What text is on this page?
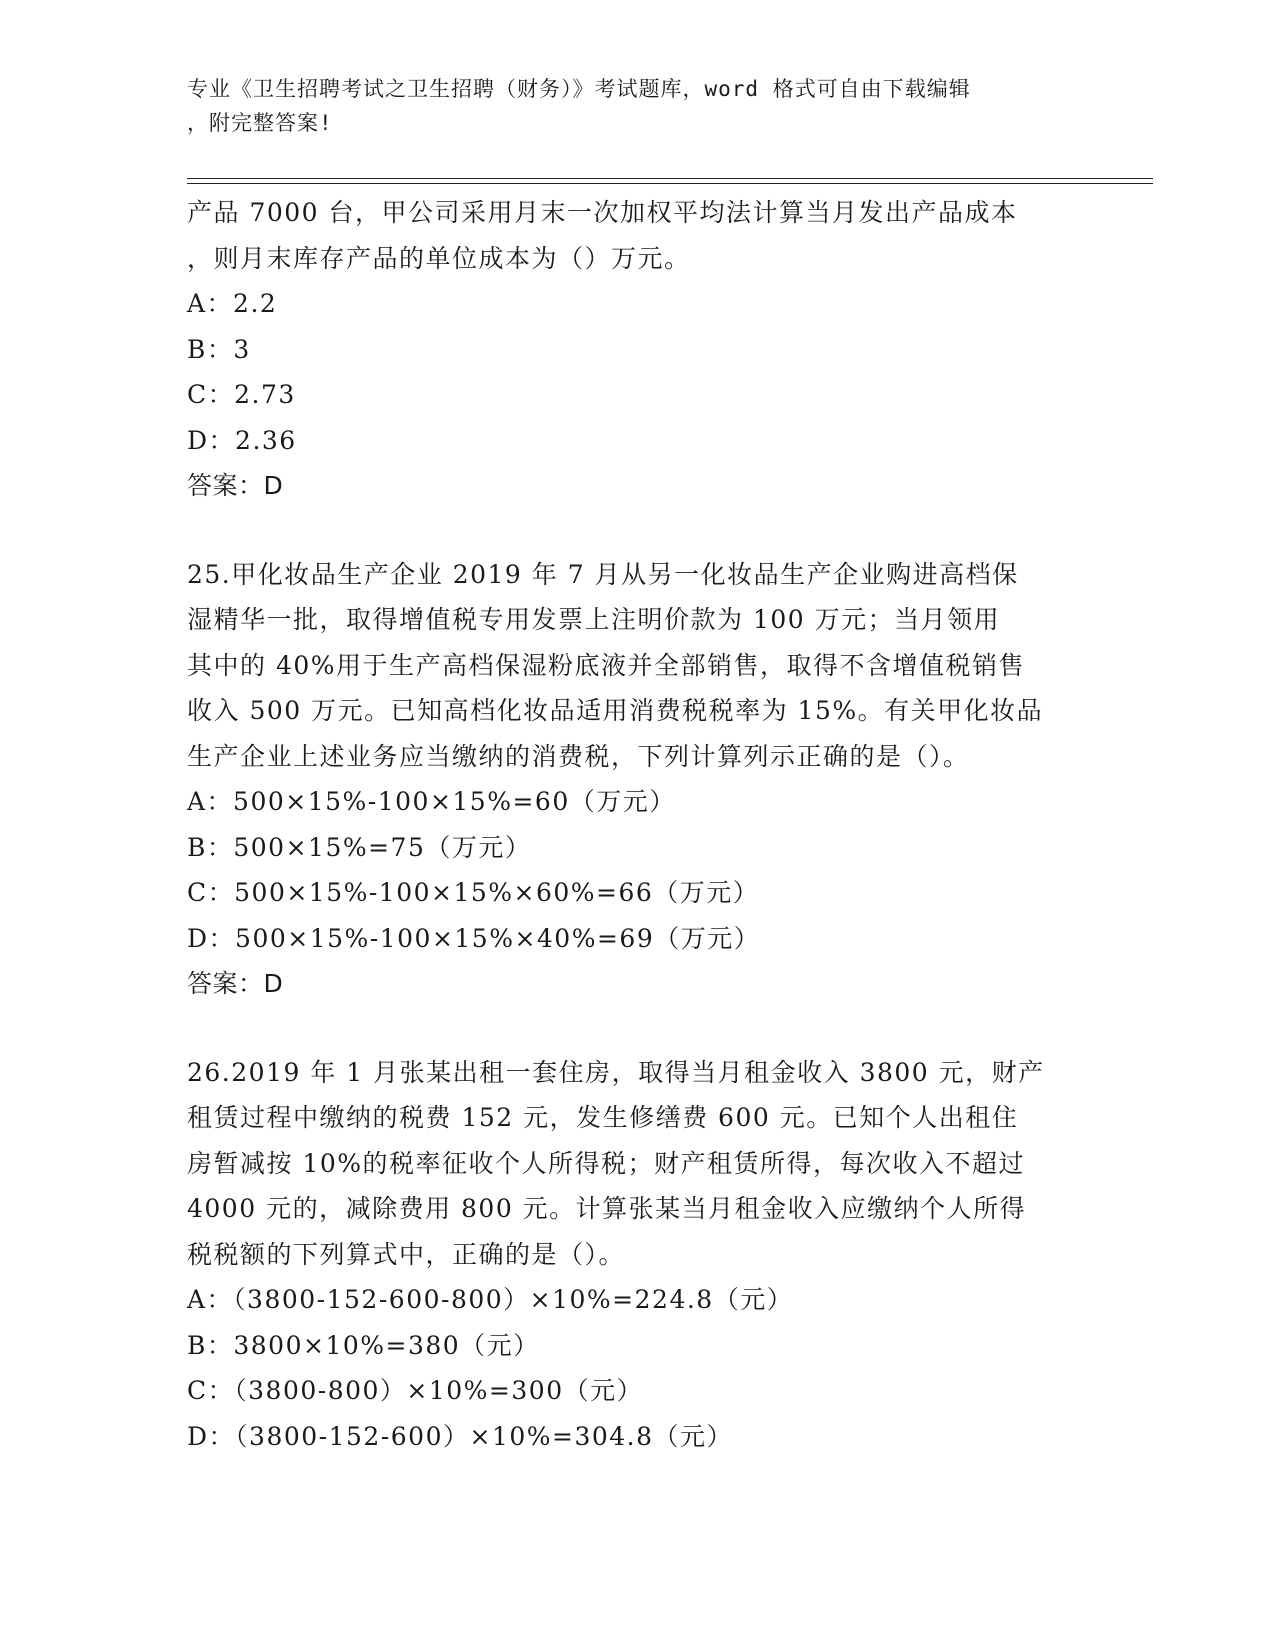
专业《卫生招聘考试之卫生招聘（财务）》考试题库，word 格式可自由下载编辑
，附完整答案!
产品 7000 台，甲公司采用月末一次加权平均法计算当月发出产品成本
，则月末库存产品的单位成本为（）万元。
A：2.2
B：3
C：2.73
D：2.36
答案：D
25.甲化妆品生产企业 2019 年 7 月从另一化妆品生产企业购进高档保
湿精华一批，取得增值税专用发票上注明价款为 100 万元；当月领用
其中的 40%用于生产高档保湿粉底液并全部销售，取得不含增值税销售
收入 500 万元。已知高档化妆品适用消费税税率为 15%。有关甲化妆品
生产企业上述业务应当缴纳的消费税，下列计算列示正确的是（）。
A：500×15%-100×15%=60（万元）
B：500×15%=75（万元）
C：500×15%-100×15%×60%=66（万元）
D：500×15%-100×15%×40%=69（万元）
答案：D
26.2019 年 1 月张某出租一套住房，取得当月租金收入 3800 元，财产
租赁过程中缴纳的税费 152 元，发生修缮费 600 元。已知个人出租住
房暂减按 10%的税率征收个人所得税；财产租赁所得，每次收入不超过
4000 元的，减除费用 800 元。计算张某当月租金收入应缴纳个人所得
税税额的下列算式中，正确的是（）。
A：（3800-152-600-800）×10%=224.8（元）
B：3800×10%=380（元）
C：（3800-800）×10%=300（元）
D：（3800-152-600）×10%=304.8（元）
